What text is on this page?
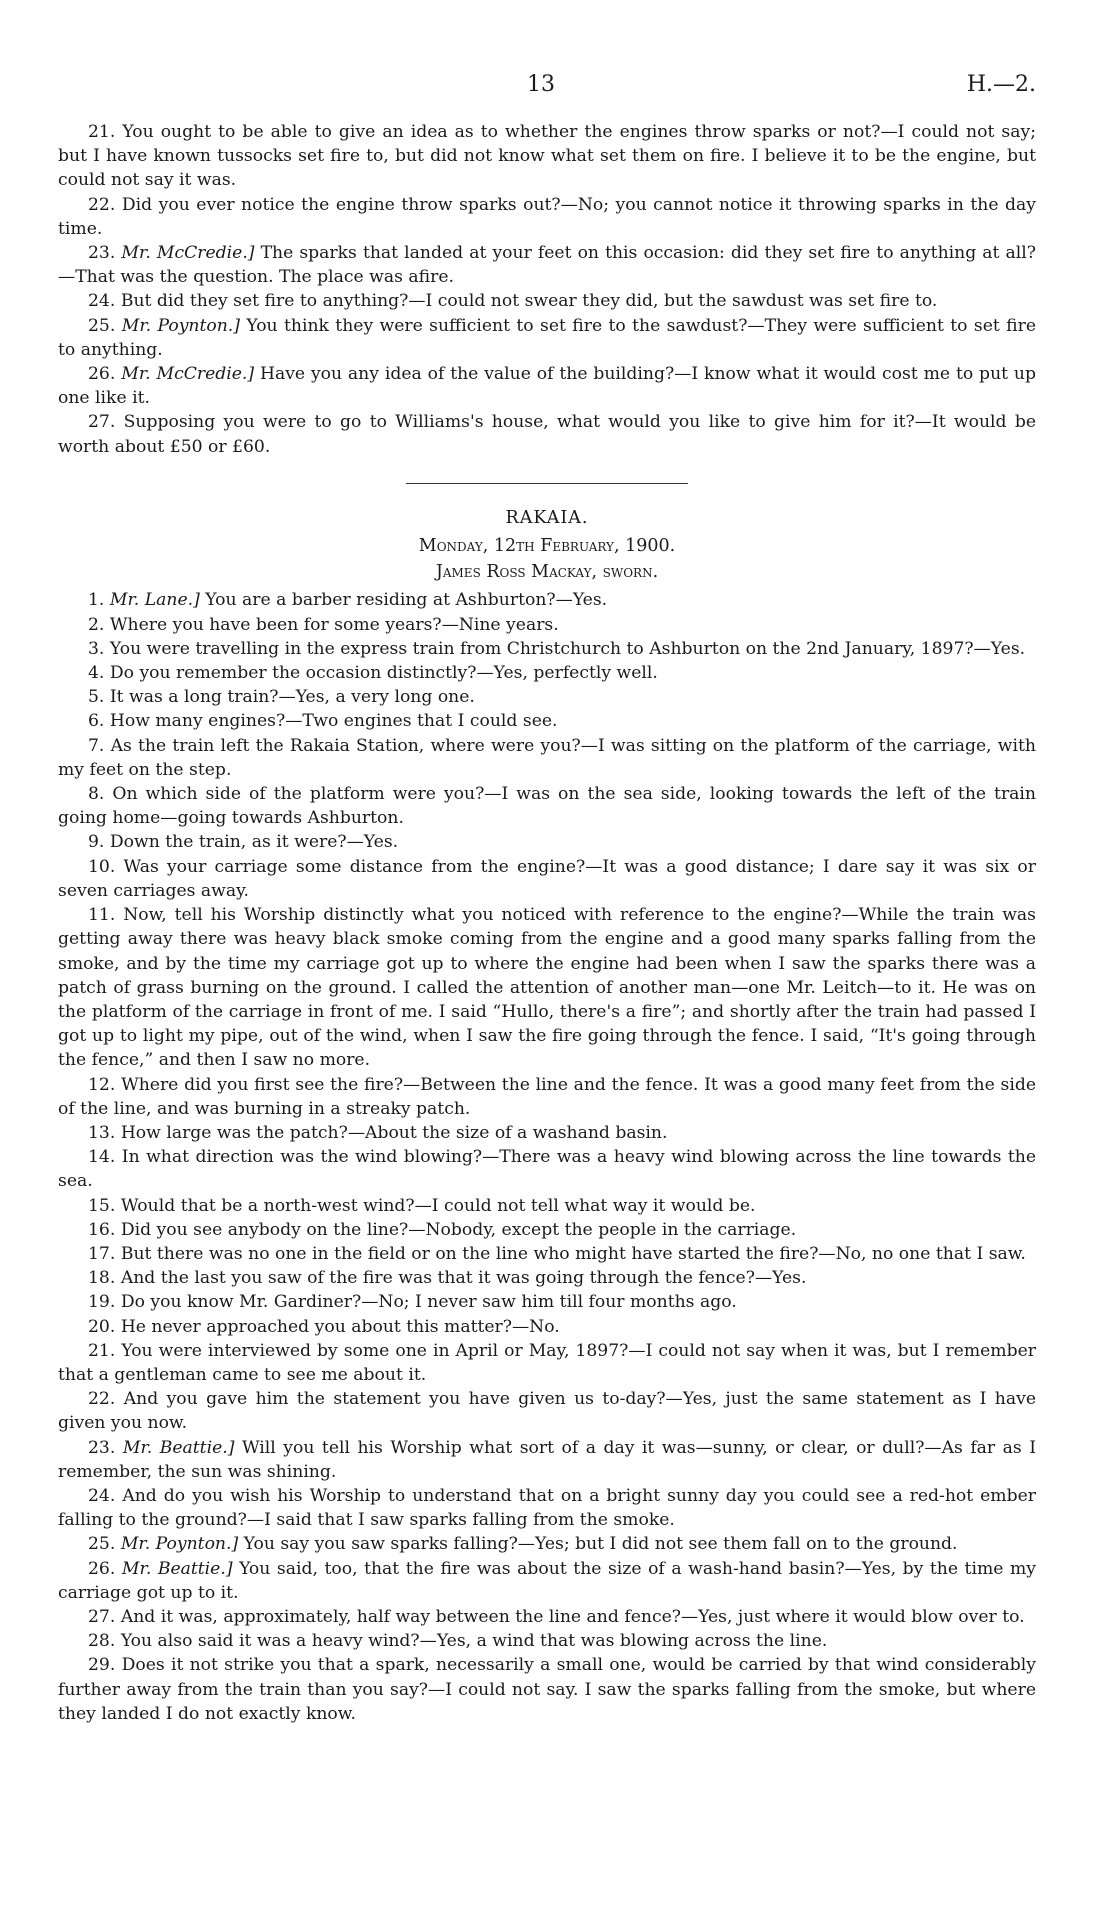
13	H.—2.

21. You ought to be able to give an idea as to whether the engines throw sparks or not?—I could not say; but I have known tussocks set fire to, but did not know what set them on fire. I believe it to be the engine, but could not say it was.

22. Did you ever notice the engine throw sparks out?—No; you cannot notice it throwing sparks in the day time.

23. Mr. McCredie.] The sparks that landed at your feet on this occasion: did they set fire to anything at all?—That was the question. The place was afire.

24. But did they set fire to anything?—I could not swear they did, but the sawdust was set fire to.

25. Mr. Poynton.] You think they were sufficient to set fire to the sawdust?—They were sufficient to set fire to anything.

26. Mr. McCredie.] Have you any idea of the value of the building?—I know what it would cost me to put up one like it.

27. Supposing you were to go to Williams's house, what would you like to give him for it?—It would be worth about £50 or £60.

RAKAIA.
Monday, 12th February, 1900.
James Ross Mackay, sworn.

1. Mr. Lane.] You are a barber residing at Ashburton?—Yes.

2. Where you have been for some years?—Nine years.

3. You were travelling in the express train from Christchurch to Ashburton on the 2nd January, 1897?—Yes.

4. Do you remember the occasion distinctly?—Yes, perfectly well.

5. It was a long train?—Yes, a very long one.

6. How many engines?—Two engines that I could see.

7. As the train left the Rakaia Station, where were you?—I was sitting on the platform of the carriage, with my feet on the step.

8. On which side of the platform were you?—I was on the sea side, looking towards the left of the train going home—going towards Ashburton.

9. Down the train, as it were?—Yes.

10. Was your carriage some distance from the engine?—It was a good distance; I dare say it was six or seven carriages away.

11. Now, tell his Worship distinctly what you noticed with reference to the engine?—While the train was getting away there was heavy black smoke coming from the engine and a good many sparks falling from the smoke, and by the time my carriage got up to where the engine had been when I saw the sparks there was a patch of grass burning on the ground. I called the attention of another man—one Mr. Leitch—to it. He was on the platform of the carriage in front of me. I said “Hullo, there's a fire”; and shortly after the train had passed I got up to light my pipe, out of the wind, when I saw the fire going through the fence. I said, “It's going through the fence,” and then I saw no more.

12. Where did you first see the fire?—Between the line and the fence. It was a good many feet from the side of the line, and was burning in a streaky patch.

13. How large was the patch?—About the size of a washand basin.

14. In what direction was the wind blowing?—There was a heavy wind blowing across the line towards the sea.

15. Would that be a north-west wind?—I could not tell what way it would be.

16. Did you see anybody on the line?—Nobody, except the people in the carriage.

17. But there was no one in the field or on the line who might have started the fire?—No, no one that I saw.

18. And the last you saw of the fire was that it was going through the fence?—Yes.

19. Do you know Mr. Gardiner?—No; I never saw him till four months ago.

20. He never approached you about this matter?—No.

21. You were interviewed by some one in April or May, 1897?—I could not say when it was, but I remember that a gentleman came to see me about it.

22. And you gave him the statement you have given us to-day?—Yes, just the same statement as I have given you now.

23. Mr. Beattie.] Will you tell his Worship what sort of a day it was—sunny, or clear, or dull?—As far as I remember, the sun was shining.

24. And do you wish his Worship to understand that on a bright sunny day you could see a red-hot ember falling to the ground?—I said that I saw sparks falling from the smoke.

25. Mr. Poynton.] You say you saw sparks falling?—Yes; but I did not see them fall on to the ground.

26. Mr. Beattie.] You said, too, that the fire was about the size of a wash-hand basin?—Yes, by the time my carriage got up to it.

27. And it was, approximately, half way between the line and fence?—Yes, just where it would blow over to.

28. You also said it was a heavy wind?—Yes, a wind that was blowing across the line.

29. Does it not strike you that a spark, necessarily a small one, would be carried by that wind considerably further away from the train than you say?—I could not say. I saw the sparks falling from the smoke, but where they landed I do not exactly know.
